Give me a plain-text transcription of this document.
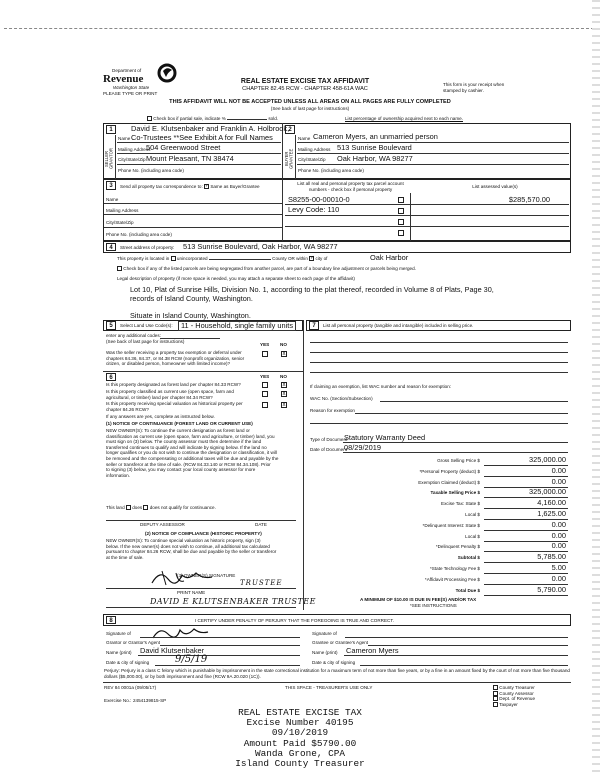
Department of
Revenue
Washington State
PLEASE TYPE OR PRINT
REAL ESTATE EXCISE TAX AFFIDAVIT
CHAPTER 82.45 RCW - CHAPTER 458-61A WAC
This form is your receipt when stamped by cashier.
THIS AFFIDAVIT WILL NOT BE ACCEPTED UNLESS ALL AREAS ON ALL PAGES ARE FULLY COMPLETED
(See back of last page for instructions)
Check box if partial sale, indicate %	sold.	List percentage of ownership acquired next to each name.
1	2
SELLER GRANTOR	BUYER GRANTEE
David E. Klutsenbaker and Franklin A. Holbrook,
Name Co-Trustees **See Exhibit A for Full Names
Mailing Address
504 Greenwood Street
City/State/Zip Mount Pleasant, TN 38474
Phone No. (including area code)
Name Cameron Myers, an unmarried person
Mailing Address 513 Sunrise Boulevard
City/State/Zip Oak Harbor, WA 98277
Phone No. (including area code)
3	Send all property tax correspondence to: ✓ Same as Buyer/Grantee
Name
Mailing Address
City/State/Zip
Phone No. (including area code)
List all real and personal property tax parcel account numbers - check box if personal property
List assessed value(s)
S8255-00-00010-0	$285,570.00
Levy Code: 110
4	Street address of property: 513 Sunrise Boulevard, Oak Harbor, WA 98277
This property is located in unincorporated	County OR within ✓ city of	Oak Harbor
Check box if any of the listed parcels are being segregated from another parcel, are part of a boundary line adjustment or parcels being merged.
Legal description of property (if more space is needed, you may attach a separate sheet to each page of the affidavit)
Lot 10, Plat of Sunrise Hills, Division No. 1, according to the plat thereof, recorded in Volume 8 of Plats, Page 30,
records of Island County, Washington.
Situate in Island County, Washington.
5	Select Land Use Code(s):	11 - Household, single family units
enter any additional codes:
(See back of last page for instructions)
YES NO
Was the seller receiving a property tax exemption or deferral under chapters 84.36, 84.37, or 84.38 RCW (nonprofit organization, senior citizen, or disabled person, homeowner with limited income)?
x
6	YES NO
Is this property designated as forest land per chapter 84.33 RCW?	x
Is this property classified as current use (open space, farm and agricultural, or timber) land per chapter 84.34 RCW?
x
Is this property receiving special valuation as historical property per chapter 84.26 RCW?
x
If any answers are yes, complete as instructed below.
(1) NOTICE OF CONTINUANCE (FOREST LAND OR CURRENT USE)
NEW OWNER(S): To continue the current designation as forest land or
classification as current use (open space, farm and agriculture, or timber) land, you
must sign on (3) below. The county assessor must then determine if the land
transferred continues to qualify and will indicate by signing below. If the land no
longer qualifies or you do not wish to continue the designation or classification, it will
be removed and the compensating or additional taxes will be due and payable by the
seller or transferor at the time of sale. (RCW 84.33.140 or RCW 84.34.108). Prior
to signing (3) below, you may contact your local county assessor for more
information.
This land does does not qualify for continuance.
DEPUTY ASSESSOR	DATE
(2) NOTICE OF COMPLIANCE (HISTORIC PROPERTY)
NEW OWNER(S): To continue special valuation as historic property, sign (3)
below. If the new owner(s) does not wish to continue, all additional tax calculated
pursuant to chapter 84.26 RCW, shall be due and payable by the seller or transferor
at the time of sale.
(3) OWNER(S) SIGNATURE
TRUSTEE
PRINT NAME
DAVID E KLUTSENBAKER TRUSTEE
7	List all personal property (tangible and intangible) included in selling price.
If claiming an exemption, list WAC number and reason for exemption:
WAC No. (Section/Subsection)
Reason for exemption
Type of Document
Statutory Warranty Deed
Date of Document
08/29/2019
Gross Selling Price $	325,000.00
*Personal Property (deduct) $	0.00
Exemption Claimed (deduct) $	0.00
Taxable Selling Price $	325,000.00
Excise Tax: State $	4,160.00
Local $	1,625.00
*Delinquent Interest: State $	0.00
Local $	0.00
*Delinquent Penalty $	0.00
Subtotal $	5,785.00
*State Technology Fee $	5.00
*Affidavit Processing Fee $	0.00
Total Due $	5,790.00
A MINIMUM OF $10.00 IS DUE IN FEE(S) AND/OR TAX
*SEE INSTRUCTIONS
8	I CERTIFY UNDER PENALTY OF PERJURY THAT THE FOREGOING IS TRUE AND CORRECT.
Signature of
Grantor or Grantor's Agent
Name (print) David Klutsenbaker
Date & city of signing	9/5/19
Signature of
Grantee or Grantee's Agent
Name (print) Cameron Myers
Date & city of signing
Perjury: Perjury is a class C felony which is punishable by imprisonment in the state correctional institution for a maximum term of not more than five years, or by a fine in an amount fixed by the court of not more than five thousand dollars ($5,000.00), or by both imprisonment and fine (RCW 9A.20.020 (1C)).
REV 84 0001a (09/05/17)	THIS SPACE - TREASURER'S USE ONLY
Exercise No.: 2454139815-SP
County Treasurer
County Assessor
Dept. of Revenue
Taxpayer
REAL ESTATE EXCISE TAX
Excise Number 40195
09/10/2019
Amount Paid $5790.00
Wanda Grone, CPA
Island County Treasurer
